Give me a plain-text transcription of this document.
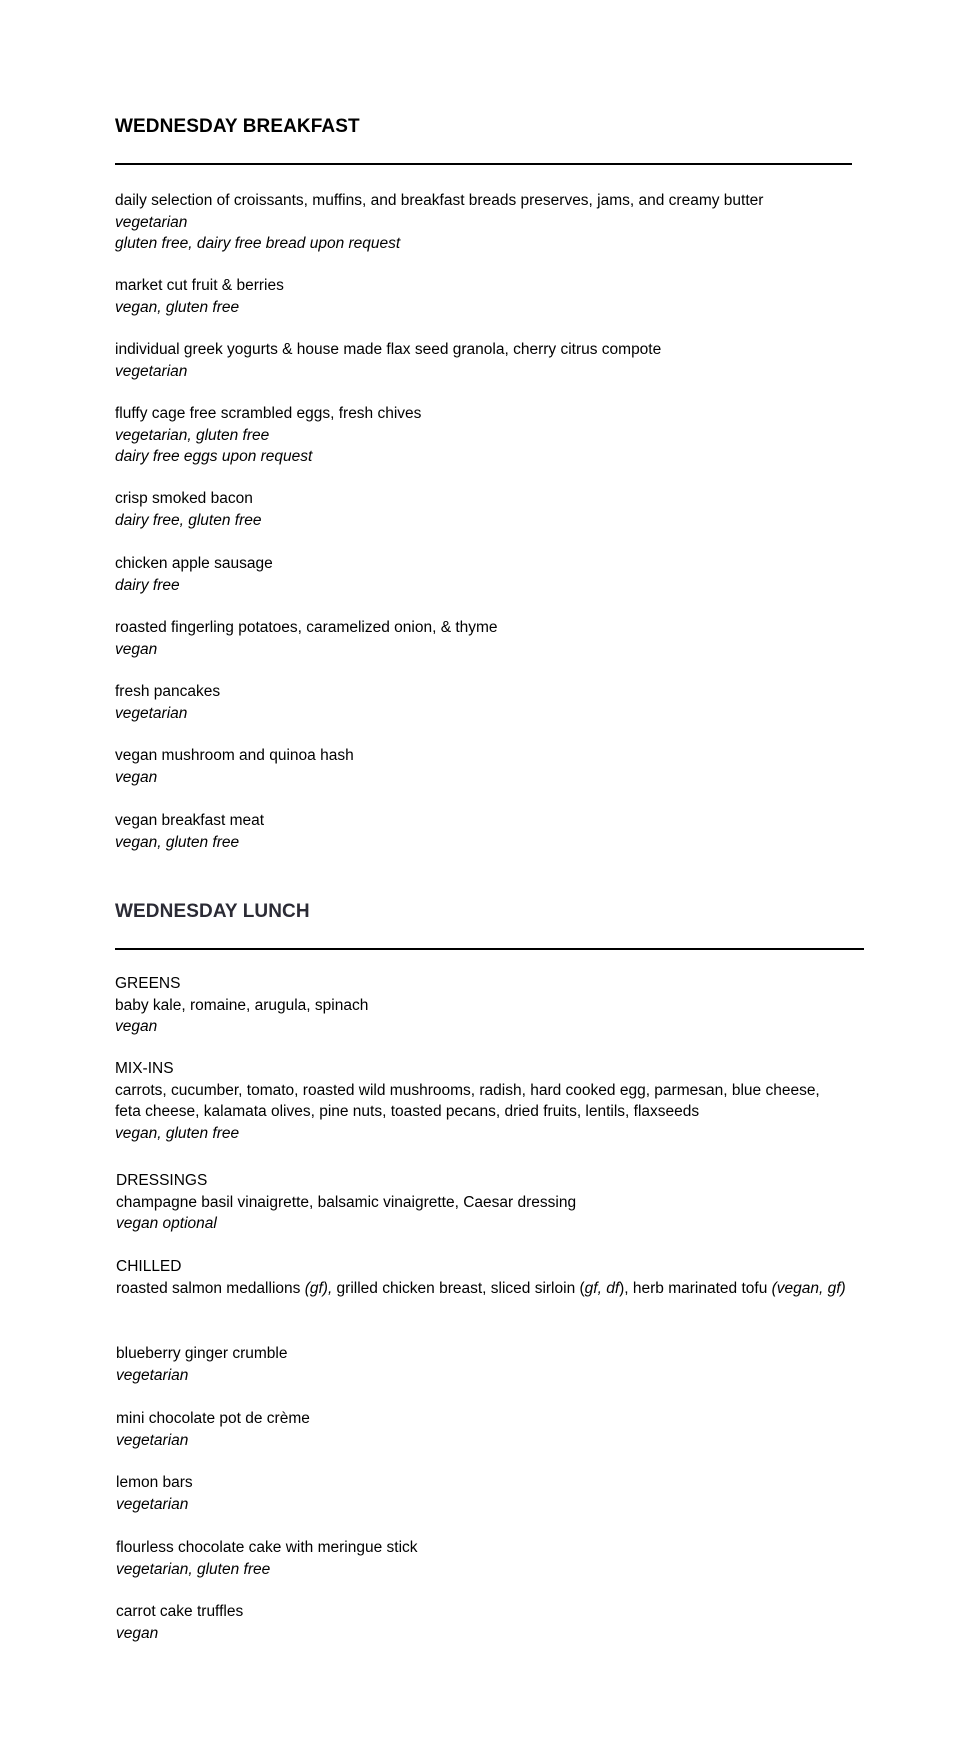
WEDNESDAY BREAKFAST
daily selection of croissants, muffins, and breakfast breads preserves, jams, and creamy butter
vegetarian
gluten free, dairy free bread upon request
market cut fruit & berries
vegan, gluten free
individual greek yogurts & house made flax seed granola, cherry citrus compote
vegetarian
fluffy cage free scrambled eggs, fresh chives
vegetarian, gluten free
dairy free eggs upon request
crisp smoked bacon
dairy free, gluten free
chicken apple sausage
dairy free
roasted fingerling potatoes, caramelized onion, & thyme
vegan
fresh pancakes
vegetarian
vegan mushroom and quinoa hash
vegan
vegan breakfast meat
vegan, gluten free
WEDNESDAY LUNCH
GREENS
baby kale, romaine, arugula, spinach
vegan
MIX-INS
carrots, cucumber, tomato, roasted wild mushrooms, radish, hard cooked egg, parmesan, blue cheese,
feta cheese, kalamata olives, pine nuts, toasted pecans, dried fruits, lentils, flaxseeds
vegan, gluten free
DRESSINGS
champagne basil vinaigrette, balsamic vinaigrette, Caesar dressing
vegan optional
CHILLED
roasted salmon medallions (gf), grilled chicken breast, sliced sirloin (gf, df), herb marinated tofu (vegan, gf)
blueberry ginger crumble
vegetarian
mini chocolate pot de crème
vegetarian
lemon bars
vegetarian
flourless chocolate cake with meringue stick
vegetarian, gluten free
carrot cake truffles
vegan
